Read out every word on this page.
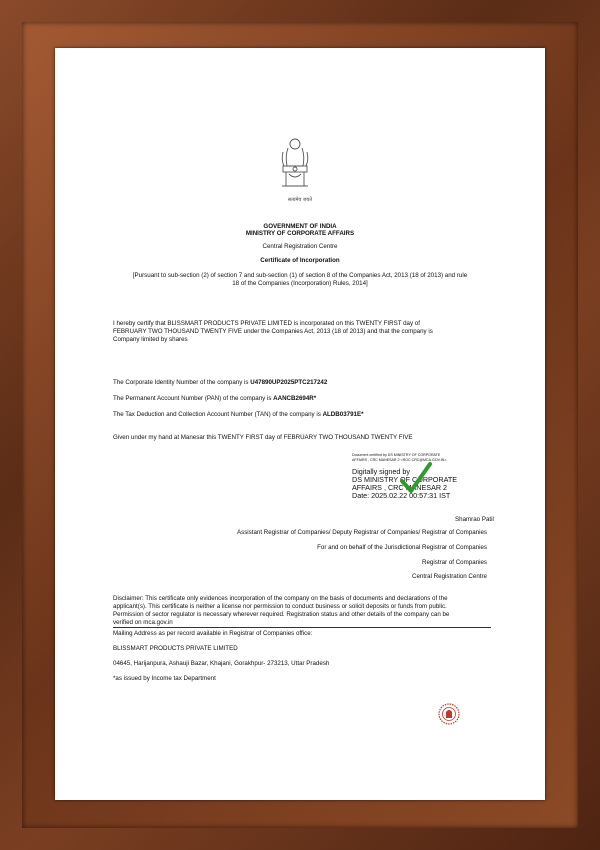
सत्यमेव जयते
GOVERNMENT OF INDIA
MINISTRY OF CORPORATE AFFAIRS
Central Registration Centre
Certificate of Incorporation
[Pursuant to sub-section (2) of section 7 and sub-section (1) of section 8 of the Companies Act, 2013 (18 of 2013) and rule
18 of the Companies (Incorporation) Rules, 2014]
I hereby certify that BLISSMART PRODUCTS PRIVATE LIMITED is incorporated on this TWENTY FIRST day of
FEBRUARY TWO THOUSAND TWENTY FIVE under the Companies Act, 2013 (18 of 2013) and that the company is
Company limited by shares
The Corporate Identity Number of the company is U47890UP2025PTC217242
The Permanent Account Number (PAN) of the company is AANCB2694R*
The Tax Deduction and Collection Account Number (TAN) of the company is ALDB03791E*
Given under my hand at Manesar this TWENTY FIRST day of FEBRUARY TWO THOUSAND TWENTY FIVE
Document certified by DS MINISTRY OF CORPORATE
AFFAIRS , CRC MANESAR 2 <ROC.CRC@MCA.GOV.IN>.
Digitally signed by
DS MINISTRY OF CORPORATE
AFFAIRS , CRC MANESAR 2
Date: 2025.02.22 00:57:31 IST
Shamrao Patil
Assistant Registrar of Companies/ Deputy Registrar of Companies/ Registrar of Companies
For and on behalf of the Jurisdictional Registrar of Companies
Registrar of Companies
Central Registration Centre
Disclaimer: This certificate only evidences incorporation of the company on the basis of documents and declarations of the
applicant(s). This certificate is neither a license nor permission to conduct business or solicit deposits or funds from public.
Permission of sector regulator is necessary wherever required. Registration status and other details of the company can be
verified on mca.gov.in
Mailing Address as per record available in Registrar of Companies office:
BLISSMART PRODUCTS PRIVATE LIMITED
04645, Harijanpura, Ashauji Bazar, Khajani, Gorakhpur- 273213, Uttar Pradesh
*as issued by Income tax Department
